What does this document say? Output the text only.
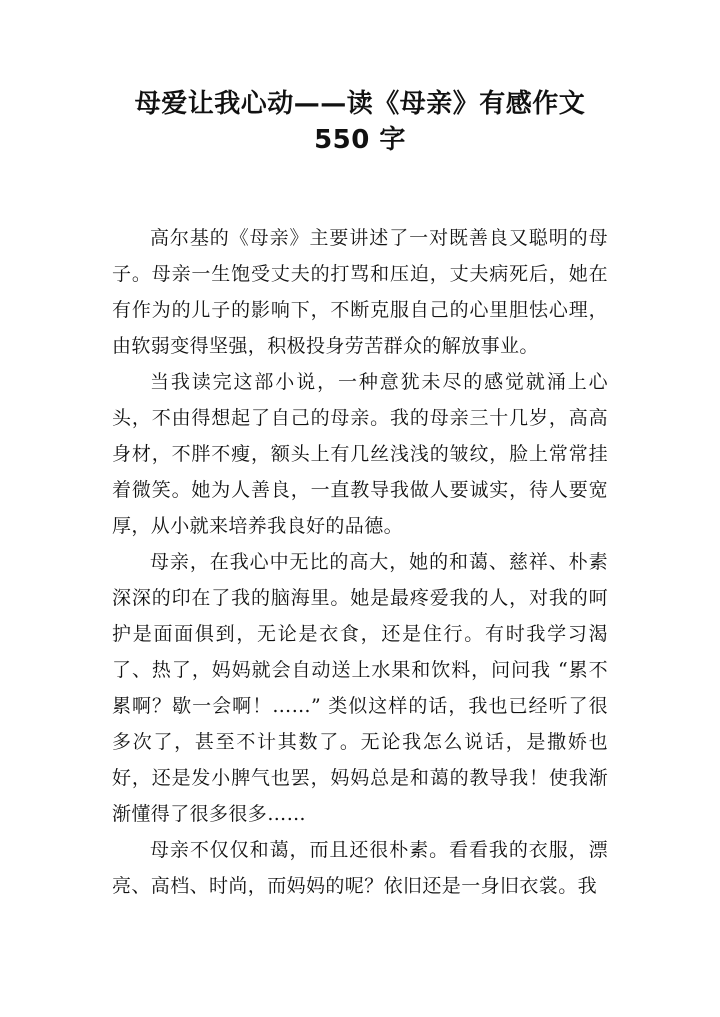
母爱让我心动——读《母亲》有感作文 550 字

高尔基的《母亲》主要讲述了一对既善良又聪明的母子。母亲一生饱受丈夫的打骂和压迫，丈夫病死后，她在有作为的儿子的影响下，不断克服自己的心里胆怯心理，由软弱变得坚强，积极投身劳苦群众的解放事业。

当我读完这部小说，一种意犹未尽的感觉就涌上心头，不由得想起了自己的母亲。我的母亲三十几岁，高高身材，不胖不瘦，额头上有几丝浅浅的皱纹，脸上常常挂着微笑。她为人善良，一直教导我做人要诚实，待人要宽厚，从小就来培养我良好的品德。

母亲，在我心中无比的高大，她的和蔼、慈祥、朴素深深的印在了我的脑海里。她是最疼爱我的人，对我的呵护是面面俱到，无论是衣食，还是住行。有时我学习渴了、热了，妈妈就会自动送上水果和饮料，问问我 “累不累啊？歇一会啊！……” 类似这样的话，我也已经听了很多次了，甚至不计其数了。无论我怎么说话，是撒娇也好，还是发小脾气也罢，妈妈总是和蔼的教导我！使我渐渐懂得了很多很多……

母亲不仅仅和蔼，而且还很朴素。看看我的衣服，漂亮、高档、时尚，而妈妈的呢？依旧还是一身旧衣裳。我
